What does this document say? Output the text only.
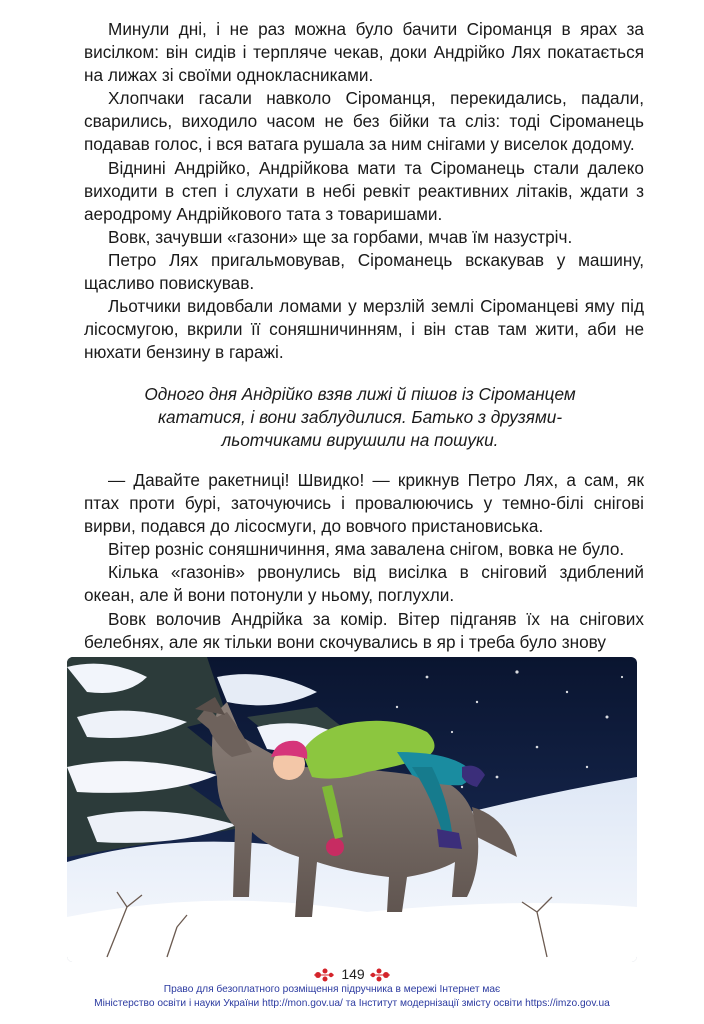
Минули дні, і не раз можна було бачити Сіроманця в ярах за висілком: він сидів і терпляче чекав, доки Андрійко Лях покатається на лижах зі своїми однокласниками.

Хлопчаки гасали навколо Сіроманця, перекидались, падали, сварились, виходило часом не без бійки та сліз: тоді Сіроманець подавав голос, і вся ватага рушала за ним снігами у виселок додому.

Віднині Андрійко, Андрійкова мати та Сіроманець стали далеко виходити в степ і слухати в небі ревкіт реактивних літаків, ждати з аеродрому Андрійкового тата з товаришами.

Вовк, зачувши «газони» ще за горбами, мчав їм назустріч.

Петро Лях пригальмовував, Сіроманець вскакував у машину, щасливо повискував.

Льотчики видовбали ломами у мерзлій землі Сіроманцеві яму під лісосмугою, вкрили її соняшничинням, і він став там жити, аби не нюхати бензину в гаражі.

Одного дня Андрійко взяв лижі й пішов із Сіроманцем

кататися, і вони заблудилися. Батько з друзями-

льотчиками вирушили на пошуки.

— Давайте ракетниці! Швидко! — крикнув Петро Лях, а сам, як птах проти бурі, заточуючись і провалюючись у темно-білі снігові вирви, подався до лісосмуги, до вовчого пристановиська.

Вітер розніс соняшничиння, яма завалена снігом, вовка не було.

Кілька «газонів» рвонулись від висілка в сніговий здиблений океан, але й вони потонули у ньому, поглухли.

Вовк волочив Андрійка за комір. Вітер підганяв їх на снігових белебнях, але як тільки вони скочувались в яр і треба було знову

149
Право для безоплатного розміщення підручника в мережі Інтернет має
Міністерство освіти і науки України http://mon.gov.ua/ та Інститут модернізації змісту освіти https://imzo.gov.ua
